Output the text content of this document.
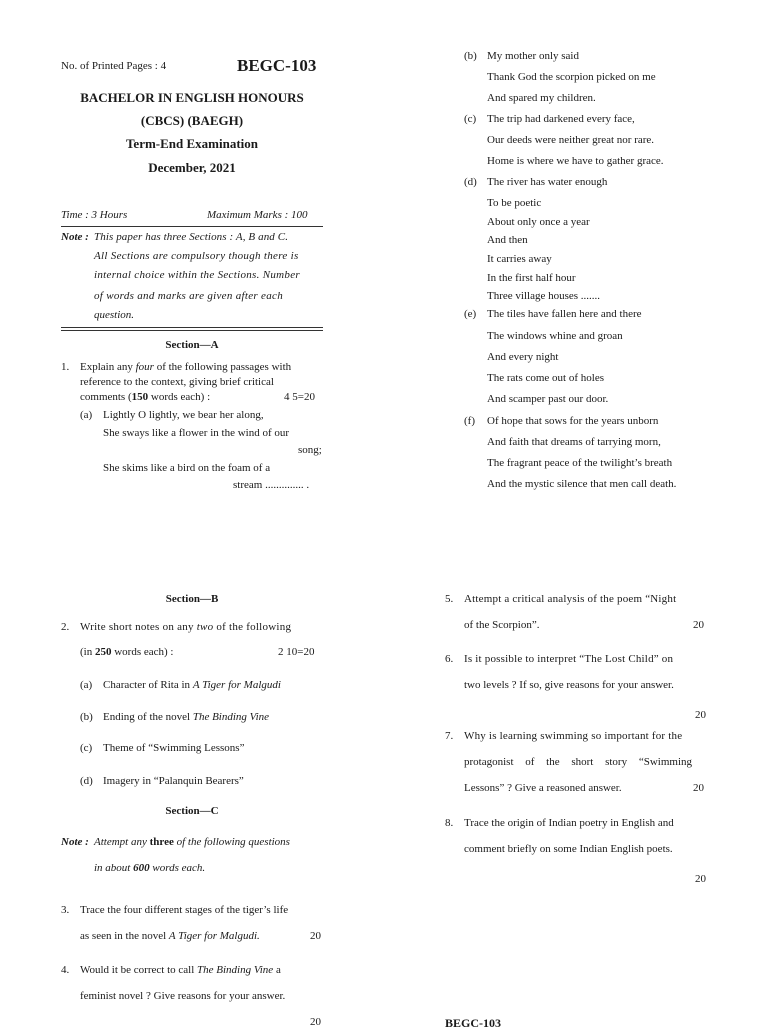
No. of Printed Pages : 4	BEGC-103
BACHELOR IN ENGLISH HONOURS
(CBCS) (BAEGH)
Term-End Examination
December, 2021
Time : 3 Hours	Maximum Marks : 100
Note : This paper has three Sections : A, B and C.
All Sections are compulsory though there is
internal choice within the Sections. Number
of words and marks are given after each
question.
Section—A
1. Explain any four of the following passages with
reference to the context, giving brief critical
comments (150 words each) :	4 5=20
(a) Lightly O lightly, we bear her along,
She sways like a flower in the wind of our
song;
She skims like a bird on the foam of a
stream .............. .
(b) My mother only said
Thank God the scorpion picked on me
And spared my children.
(c) The trip had darkened every face,
Our deeds were neither great nor rare.
Home is where we have to gather grace.
(d) The river has water enough
To be poetic
About only once a year
And then
It carries away
In the first half hour
Three village houses .......
(e) The tiles have fallen here and there
The windows whine and groan
And every night
The rats come out of holes
And scamper past our door.
(f) Of hope that sows for the years unborn
And faith that dreams of tarrying morn,
The fragrant peace of the twilight’s breath
And the mystic silence that men call death.
Section—B
2. Write short notes on any two of the following
(in 250 words each) :	2 10=20
(a) Character of Rita in A Tiger for Malgudi
(b) Ending of the novel The Binding Vine
(c) Theme of “Swimming Lessons”
(d) Imagery in “Palanquin Bearers”
Section—C
Note : Attempt any three of the following questions
in about 600 words each.
3. Trace the four different stages of the tiger’s life
as seen in the novel A Tiger for Malgudi.	20
4. Would it be correct to call The Binding Vine a
feminist novel ? Give reasons for your answer.
20
5. Attempt a critical analysis of the poem “Night
of the Scorpion”.	20
6. Is it possible to interpret “The Lost Child” on
two levels ? If so, give reasons for your answer.
20
7. Why is learning swimming so important for the
protagonist of the short story “Swimming
Lessons” ? Give a reasoned answer.	20
8. Trace the origin of Indian poetry in English and
comment briefly on some Indian English poets.
20
BEGC-103
